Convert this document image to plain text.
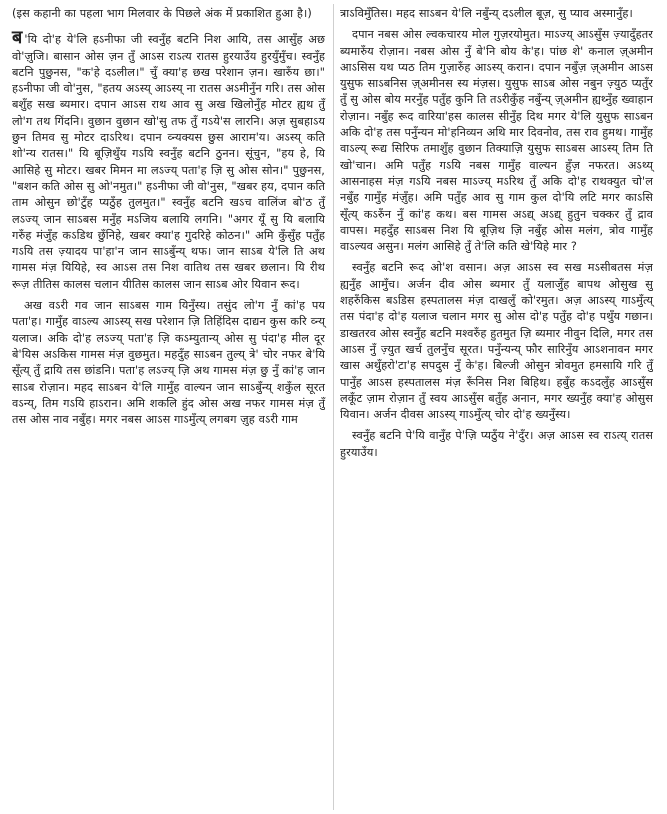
(इस कहानी का पहला भाग मिलवार के पिछले अंक में प्रकाशित हुआ है।)

ब 'यि दो'ह ये'लि हऽनीफा जी स्वनुँह बटनि निश आयि, तस आसुँह अछ वो'ज़ुजि। बासान ओस ज़न तुँ आऽस राऽत्य रातस हुरयाउँय हुरयुँमुँच। स्वनुँह बटनि पुछुनस, "क'हे दऽलील।" चुँ क्या'ह छख परेशान ज़न। खारुँय छा।" हऽनीफा जी वो'नुस, "हतय अऽस्य् आऽस्य् ना रातस अऽमीनुँन गरि। तस ओस बशुँह सख ब्यमार। दपान आऽस राथ आव सु अख खिलोनुँह मोटर ह्यथ तुँ लो'ग तथ गिंदनि। वुछान वुछान खो'सु तफ तुँ गऽये'स लारनि। अज़ सुबहाऽय छुन तिमव सु मोटर दाऽरिथ। दपान व्न्यक्यस छुस आराम'य। अऽस्य् कति शो'न्य रातस।" यि बूज़िथुँय गऽयि स्वनुँह बटनि ठुनन। सूंचुन, "हय हे, यि आसिहे सु मोटर। खबर मिमन मा लऽज्य् पता'ह ज़ि सु ओस सोन।" पुछुनस, "बशन कति ओस सु ओ'नमुत।" हऽनीफा जी वो'नुस, "खबर हय, दपान कति ताम ओसुन छो'टुँह प्यठुँह तुलमुत।" स्वनुँह बटनि खऽच वालिंज बो'ठ तुँ लऽज्य् जान साऽबस मनुँह मऽजिय बलायि लगनि। "अगर यूँ सु यि बलायि गरुँह मंजुँह कऽडिथ छुँनिहे, खबर क्या'ह गुदरिहे कोठन।" अमि कुँसुँह पतुँह गऽयि तस ज़्यादय पा'हा'न जान साऽबुँन्य् थफ। जान साऽब ये'लि ति अथ गामस मंज़ यियिहे, स्व आऽस तस निश वातिथ तस खबर छलान। यि रीथ रूज़ तीतिस कालस चलान यीतिस कालस जान साऽब ओर यिवान रूद।

अख वऽरी गव जान साऽबस गाम यिनुँस्य। तसुंद लो'ग नुँ कां'ह पय पता'ह। गामुँह वाऽल्य आऽस्य् सख परेशान ज़ि तिहिंदिस दाद्यन कुस करि व्न्य् यलाज। अकि दो'ह लऽज्य् पता'ह ज़ि कऽम्युतान्य् ओस सु पंदा'ह मील दूर बे'यिस अऽकिस गामस मंज़ वुछमुत। महदुँह साऽबन तुल्य् त्रे' चोर नफर बे'यि सूँत्य् तुँ द्रायि तस छांडनि। पता'ह लऽज्य् ज़ि अथ गामस मंज़ छु नुँ कां'ह जान साऽब रोज़ान। महद साऽबन ये'लि गामुँह वाल्यन जान साऽबुँन्य् शकुँल सूरत वऽन्य्, तिम गऽयि हाऽरान। अमि शकलि हुंद ओस अख नफर गामस मंज़ तुँ तस ओस नाव नबुँह। मगर नबस आऽस गाऽमुँत्य् लगबग ज़ुह वऽरी गाम

त्राऽविमुँतिस। महद साऽबन ये'लि नबुँन्य् दऽलील बूज़, सु प्याव अस्मानुँह।

दपान नबस ओस ल्वकचारय मोल गुज़रयोमुत। माऽज्य् आऽसुँस ज़्यादुँहतर ब्यमारुँय रोज़ान। नबस ओस नुँ बे'नि बोय के'ह। पांछ शे' कनाल ज़्अमीन आऽसिस यथ प्यठ तिम गुज़ारुँह आऽस्य् करान। दपान नबुँज़ ज़्अमीन आऽस युसुफ साऽबनिस ज़्अमीनस स्य मंज़स। युसुफ साऽब ओस नबुन ज़्युठ प्यतुँर तुँ सु ओस बोय मरनुँह पतुँह कुनि ति तऽरीकुँह नबुँन्य् ज़्अमीन ह्यथ्नुँह ख्वाहान रोज़ान। नबुँह रूद वारिया'हस कालस सीनुँह दिथ मगर ये'लि युसुफ साऽबन अकि दो'ह तस पनुँन्यन मो'हनिव्यन अथि मार दिवनोव, तस राव हुमथ। गामुँह वाऽल्य् रूद्य सिरिफ तमाशुँह वुछान तिक्याज़ि युसुफ साऽबस आऽस्य् तिम ति खो'चान। अमि पतुँह गऽयि नबस गामुँह वाल्यन हुँज़ नफरत। अऽथ्य् आसनाहस मंज़ गऽयि नबस माऽज्य् मऽरिथ तुँ अकि दो'ह राथक्युत चो'ल नबुँह गामुँह मंज़ुँह। अमि पतुँह आव सु गाम कुल दो'यि लटि मगर काऽसि सूँत्य् कऽरुँन नुँ कां'ह कथ। बस गामस अऽद्य् अऽद्य् हुतुन चक्कर तुँ द्राव वापस। महदुँह साऽबस निश यि बूज़िथ ज़ि नबुँह ओस मलंग, त्रोव गामुँह वाऽल्यव असुन। मलंग आसिहे तुँ ते'लि कति खे'यिहे मार ?

स्वनुँह बटनि रूद ओ'श वसान। अज़ आऽस स्व सख मऽसीबतस मंज़ ह्यनुँह आमुँच। अर्जन दीव ओस ब्यमार तुँ यलाजुँह बापथ ओसुख सु शहरुँकिस बऽडिस हस्पतालस मंज़ दाखलुँ को'रमुत। अज़ आऽस्य् गाऽमुँत्य् तस पंदा'ह दो'ह यलाज चलान मगर सु ओस दो'ह पतुँह दो'ह पथुँय गछान। डाखतरव ओस स्वनुँह बटनि मश्वरुँह हुतमुत ज़ि ब्यमार नीवुन दिलि, मगर तस आऽस नुँ ज़्युत खर्च तुलनुँच सूरत। पनुँन्यन्य् फौर सारिनुँय आऽशनावन मगर खास अथुँहरो'टा'ह सपदुस नुँ के'ह। बिल्जी ओसुन त्रोवमुत हमसायि गरि तुँ पानुँह आऽस हस्पतालस मंज़ रूँनिस निश बिहिथ। हबुँह कऽदलुँह आऽसुँस लकूँट ज़ाम रोज़ान तुँ स्वय आऽसुँस बतुँह अनान, मगर ख्यनुँह क्या'ह ओसुस यिवान। अर्जन दीवस आऽस्य् गाऽमुँत्य् चोर दो'ह ख्यनुँस्य।

स्वनुँह बटनि पे'यि वानुँह पे'ज़ि प्यठुँय ने'दुँर। अज़ आऽस स्व राऽत्य् रातस हुरयाउँय।
